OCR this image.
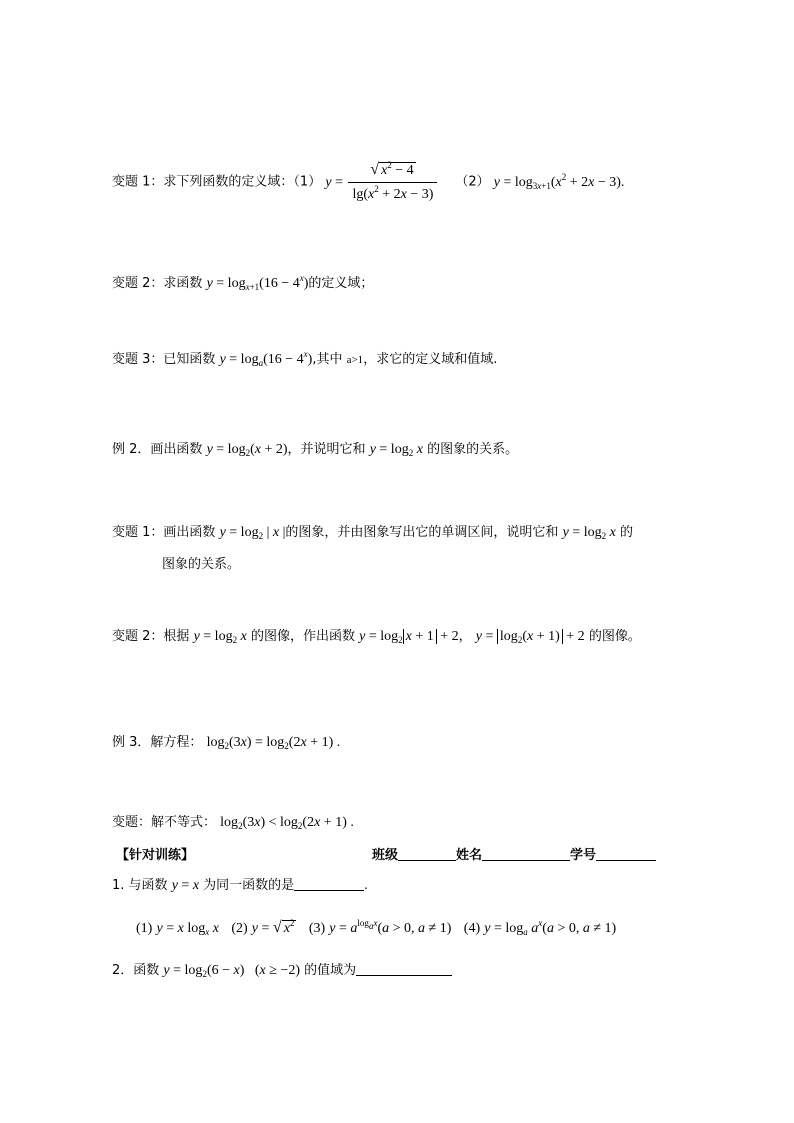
变题 1：求下列函数的定义域：（1） $y = \frac{√ x^2 - 4}{\lg(x^2 + 2x - 3)} (2) y = \log_{3x+1}(x^2 + 2x - 3)$.
变题 2：求函数 $y = \log_{x+1}(16 - 4^x)$的定义域；
变题 3：已知函数 $y = \log_a(16 - 4^x)$,其中 a>1，求它的定义域和值域.
例 2．画出函数 $y = \log_2(x + 2)$，并说明它和 $y = \log_2 x$ 的图象的关系。
变题 1：画出函数 $y = \log_2$ | x |的图象，并由图象写出它的单调区间，说明它和 $y = \log_2 x$ 的
图象的关系。
变题 2：根据 $y = \log_2 x$ 的图像，作出函数 $y = \log_2 x + 1 + 2$， $y = \log_2(x + 1) + 2$ 的图像。
例 3．解方程： $\log_2(3x) = \log_2(2x + 1)$ .
变题：解不等式： $\log_2(3x) < \log_2(2x + 1)$ .
【针对训练】	班级	姓名	学号
1. 与函数 y = x 为同一函数的是	.
(1) y = x $\log_x x$ (2) y = √ $x^2$ (3) $y = a^{log_ax}(a > 0$, a ≠ 1) (4) $y = \log_a a^x(a > 0$, a ≠ 1)
2．函数 $y = \log_2(6 - x) (x \ge -2)$ 的值域为
